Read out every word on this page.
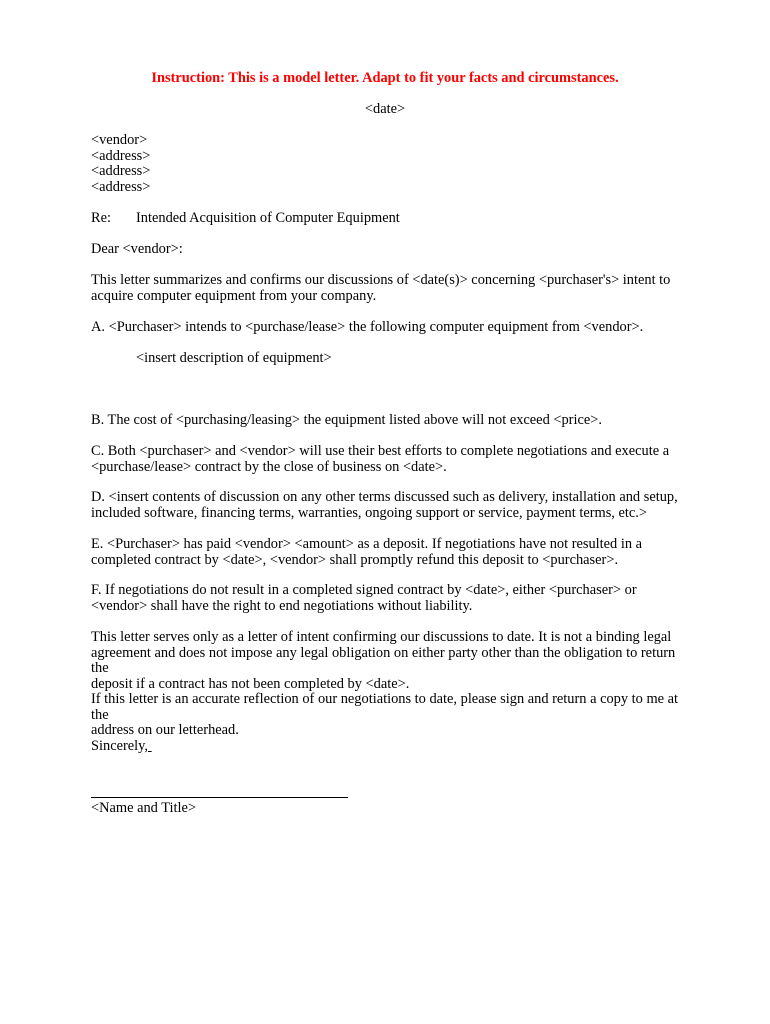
Instruction: This is a model letter. Adapt to fit your facts and circumstances.
<date>
<vendor>
<address>
<address>
<address>
Re: Intended Acquisition of Computer Equipment
Dear <vendor>:
This letter summarizes and confirms our discussions of <date(s)> concerning <purchaser's> intent to
acquire computer equipment from your company.
A. <Purchaser> intends to <purchase/lease> the following computer equipment from <vendor>.
<insert description of equipment>
B. The cost of <purchasing/leasing> the equipment listed above will not exceed <price>.
C. Both <purchaser> and <vendor> will use their best efforts to complete negotiations and execute a
<purchase/lease> contract by the close of business on <date>.
D. <insert contents of discussion on any other terms discussed such as delivery, installation and setup,
included software, financing terms, warranties, ongoing support or service, payment terms, etc.>
E. <Purchaser> has paid <vendor> <amount> as a deposit. If negotiations have not resulted in a
completed contract by <date>, <vendor> shall promptly refund this deposit to <purchaser>.
F. If negotiations do not result in a completed signed contract by <date>, either <purchaser> or
<vendor> shall have the right to end negotiations without liability.
This letter serves only as a letter of intent confirming our discussions to date. It is not a binding legal
agreement and does not impose any legal obligation on either party other than the obligation to return the
deposit if a contract has not been completed by <date>.
If this letter is an accurate reflection of our negotiations to date, please sign and return a copy to me at the
address on our letterhead.
Sincerely,
<Name and Title>
